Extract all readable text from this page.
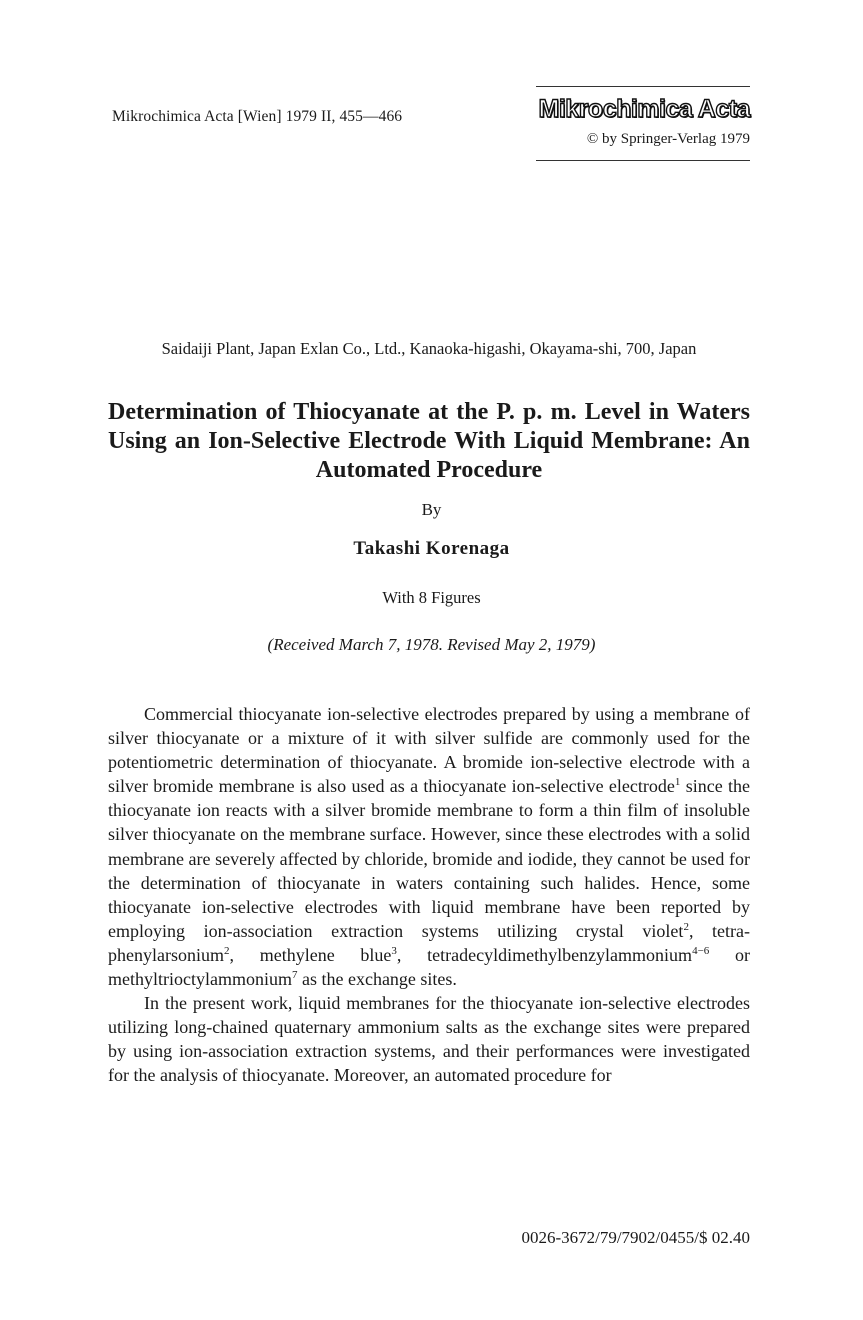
Mikrochimica Acta [Wien] 1979 II, 455—466	Mikrochimica Acta
© by Springer-Verlag 1979
Saidaiji Plant, Japan Exlan Co., Ltd., Kanaoka-higashi, Okayama-shi, 700, Japan
Determination of Thiocyanate at the P. p. m. Level in Waters Using an Ion-Selective Electrode With Liquid Membrane: An Automated Procedure
By
Takashi Korenaga
With 8 Figures
(Received March 7, 1978. Revised May 2, 1979)

Commercial thiocyanate ion-selective electrodes prepared by using a membrane of silver thiocyanate or a mixture of it with silver sulfide are commonly used for the potentiometric determination of thiocyanate. A bromide ion-selective electrode with a silver bromide membrane is also used as a thiocyanate ion-selective electrode$^1$ since the thiocyanate ion reacts with a silver bromide membrane to form a thin film of insoluble silver thiocyanate on the membrane surface. However, since these electrodes with a solid membrane are severely affected by chloride, bromide and iodide, they cannot be used for the determination of thiocyanate in waters containing such halides. Hence, some thiocyanate ion-selective electrodes with liquid membrane have been reported by employing ion-association extraction systems utilizing crystal violet$^2$, tetraphenylarsonium$^2$, methylene blue$^3$, tetradecyldimethylbenzylammonium$^{4-6}$ or methyltrioctylammonium$^7$ as the exchange sites.

In the present work, liquid membranes for the thiocyanate ion-selective electrodes utilizing long-chained quaternary ammonium salts as the exchange sites were prepared by using ion-association extraction systems, and their performances were investigated for the analysis of thiocyanate. Moreover, an automated procedure for

0026-3672/79/7902/0455/$ 02.40
